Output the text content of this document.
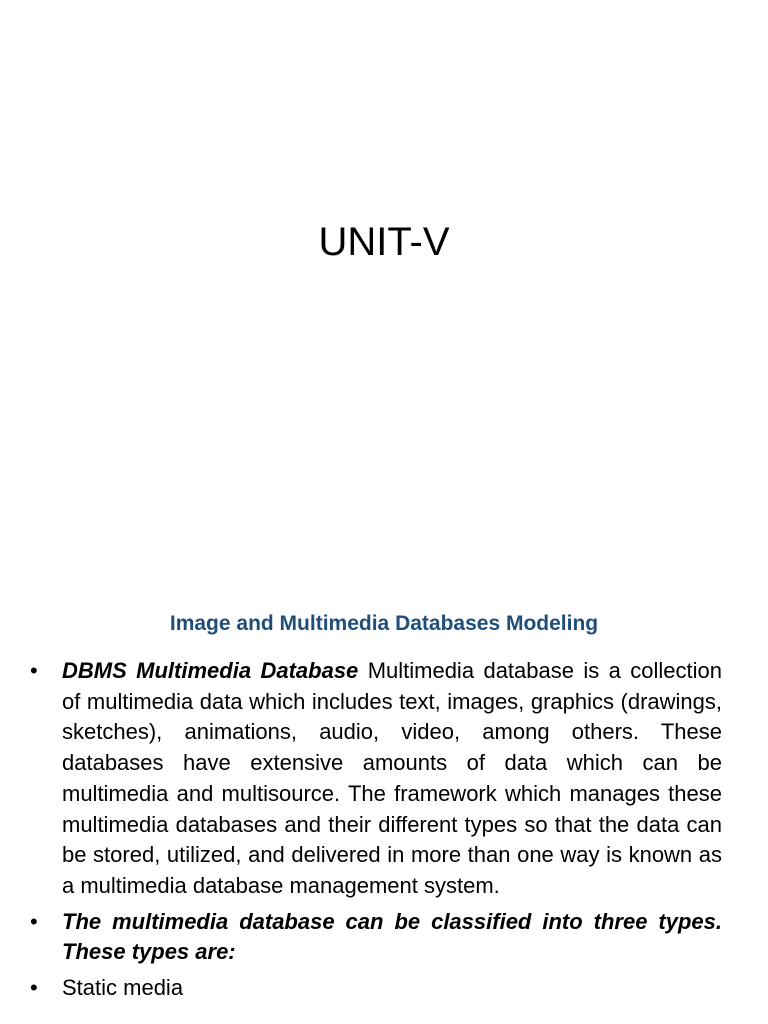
UNIT-V
Image and Multimedia Databases Modeling
•	DBMS Multimedia Database Multimedia database is a collection of multimedia data which includes text, images, graphics (drawings, sketches), animations, audio, video, among others. These databases have extensive amounts of data which can be multimedia and multisource. The framework which manages these multimedia databases and their different types so that the data can be stored, utilized, and delivered in more than one way is known as a multimedia database management system.
•	The multimedia database can be classified into three types. These types are:
•	Static media
